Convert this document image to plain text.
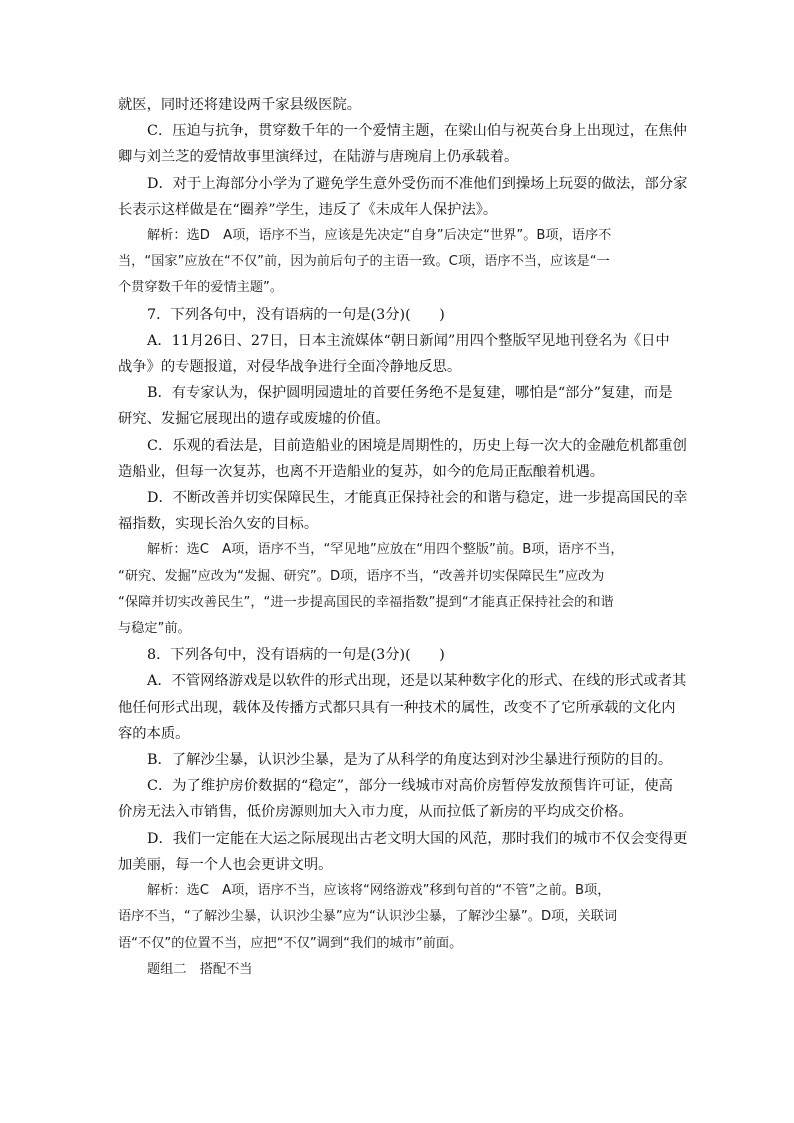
就医，同时还将建设两千家县级医院。

C．压迫与抗争，贯穿数千年的一个爱情主题，在梁山伯与祝英台身上出现过，在焦仲

卿与刘兰芝的爱情故事里演绎过，在陆游与唐琬肩上仍承载着。

D．对于上海部分小学为了避免学生意外受伤而不准他们到操场上玩耍的做法，部分家

长表示这样做是在“圈养”学生，违反了《未成年人保护法》。

解析：选D　A项，语序不当，应该是先决定“自身”后决定“世界”。B项，语序不

当，“国家”应放在“不仅”前，因为前后句子的主语一致。C项，语序不当，应该是“一

个贯穿数千年的爱情主题”。

7．下列各句中，没有语病的一句是(3分)(　　)

A．11月26日、27日，日本主流媒体“朝日新闻”用四个整版罕见地刊登名为《日中

战争》的专题报道，对侵华战争进行全面冷静地反思。

B．有专家认为，保护圆明园遗址的首要任务绝不是复建，哪怕是“部分”复建，而是

研究、发掘它展现出的遗存或废墟的价值。

C．乐观的看法是，目前造船业的困境是周期性的，历史上每一次大的金融危机都重创

造船业，但每一次复苏，也离不开造船业的复苏，如今的危局正酝酿着机遇。

D．不断改善并切实保障民生，才能真正保持社会的和谐与稳定，进一步提高国民的幸

福指数，实现长治久安的目标。

解析：选C　A项，语序不当，“罕见地”应放在“用四个整版”前。B项，语序不当，

“研究、发掘”应改为“发掘、研究”。D项，语序不当，“改善并切实保障民生”应改为

“保障并切实改善民生”，“进一步提高国民的幸福指数”提到“才能真正保持社会的和谐

与稳定”前。

8．下列各句中，没有语病的一句是(3分)(　　)

A．不管网络游戏是以软件的形式出现，还是以某种数字化的形式、在线的形式或者其

他任何形式出现，载体及传播方式都只具有一种技术的属性，改变不了它所承载的文化内

容的本质。

B．了解沙尘暴，认识沙尘暴，是为了从科学的角度达到对沙尘暴进行预防的目的。

C．为了维护房价数据的“稳定”，部分一线城市对高价房暂停发放预售许可证，使高

价房无法入市销售，低价房源则加大入市力度，从而拉低了新房的平均成交价格。

D．我们一定能在大运之际展现出古老文明大国的风范，那时我们的城市不仅会变得更

加美丽，每一个人也会更讲文明。

解析：选C　A项，语序不当，应该将“网络游戏”移到句首的“不管”之前。B项，

语序不当，“了解沙尘暴，认识沙尘暴”应为“认识沙尘暴，了解沙尘暴”。D项，关联词

语“不仅”的位置不当，应把“不仅”调到“我们的城市”前面。

题组二　搭配不当
